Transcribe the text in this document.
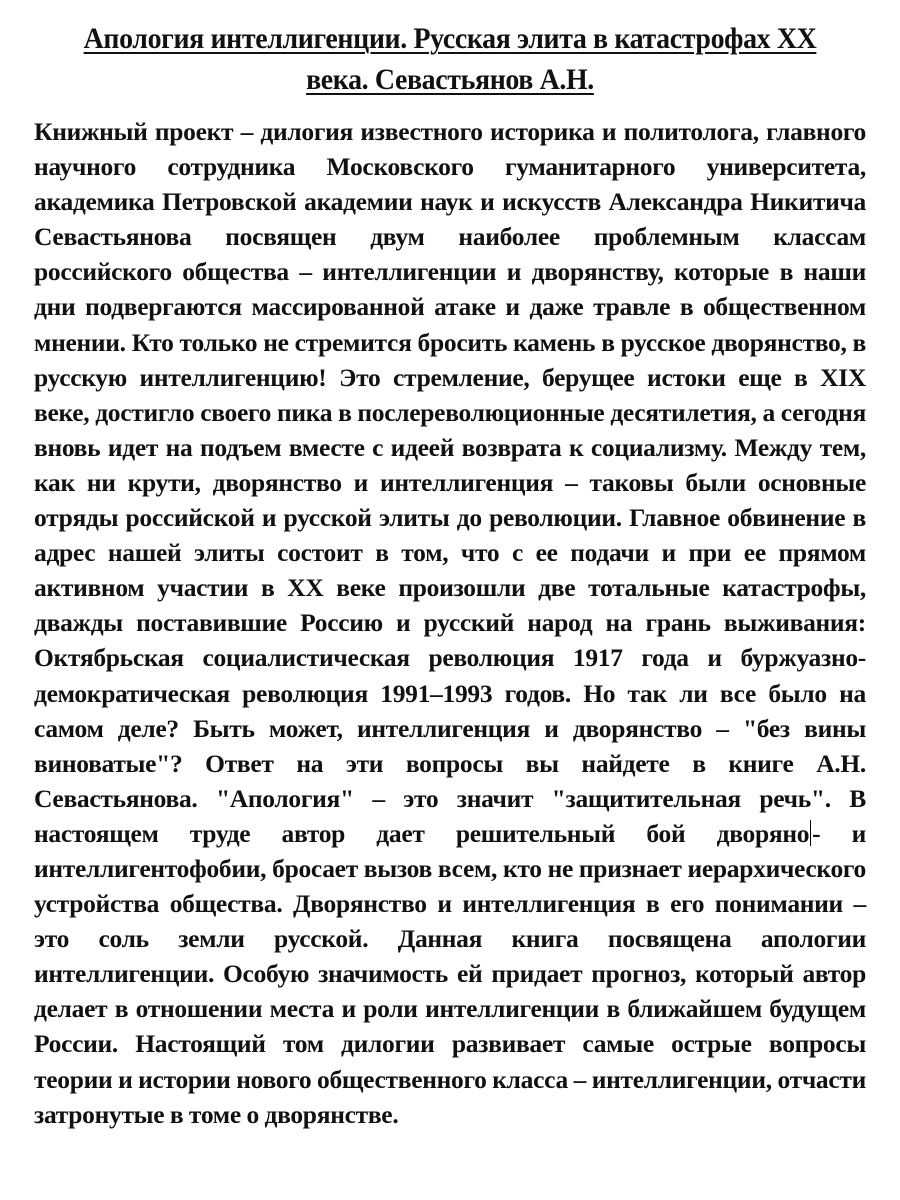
Апология интеллигенции. Русская элита в катастрофах XX века. Севастьянов А.Н.

Книжный проект – дилогия известного историка и политолога, главного научного сотрудника Московского гуманитарного университета, академика Петровской академии наук и искусств Александра Никитича Севастьянова посвящен двум наиболее проблемным классам российского общества – интеллигенции и дворянству, которые в наши дни подвергаются массированной атаке и даже травле в общественном мнении. Кто только не стремится бросить камень в русское дворянство, в русскую интеллигенцию! Это стремление, берущее истоки еще в XIX веке, достигло своего пика в послереволюционные десятилетия, а сегодня вновь идет на подъем вместе с идеей возврата к социализму. Между тем, как ни крути, дворянство и интеллигенция – таковы были основные отряды российской и русской элиты до революции. Главное обвинение в адрес нашей элиты состоит в том, что с ее подачи и при ее прямом активном участии в XX веке произошли две тотальные катастрофы, дважды поставившие Россию и русский народ на грань выживания: Октябрьская социалистическая революция 1917 года и буржуазно-демократическая революция 1991–1993 годов. Но так ли все было на самом деле? Быть может, интеллигенция и дворянство – "без вины виноватые"? Ответ на эти вопросы вы найдете в книге А.Н. Севастьянова. "Апология" – это значит "защитительная речь". В настоящем труде автор дает решительный бой дворяно - и интеллигентофобии, бросает вызов всем, кто не признает иерархического устройства общества. Дворянство и интеллигенция в его понимании – это соль земли русской. Данная книга посвящена апологии интеллигенции. Особую значимость ей придает прогноз, который автор делает в отношении места и роли интеллигенции в ближайшем будущем России. Настоящий том дилогии развивает самые острые вопросы теории и истории нового общественного класса – интеллигенции, отчасти затронутые в томе о дворянстве.
